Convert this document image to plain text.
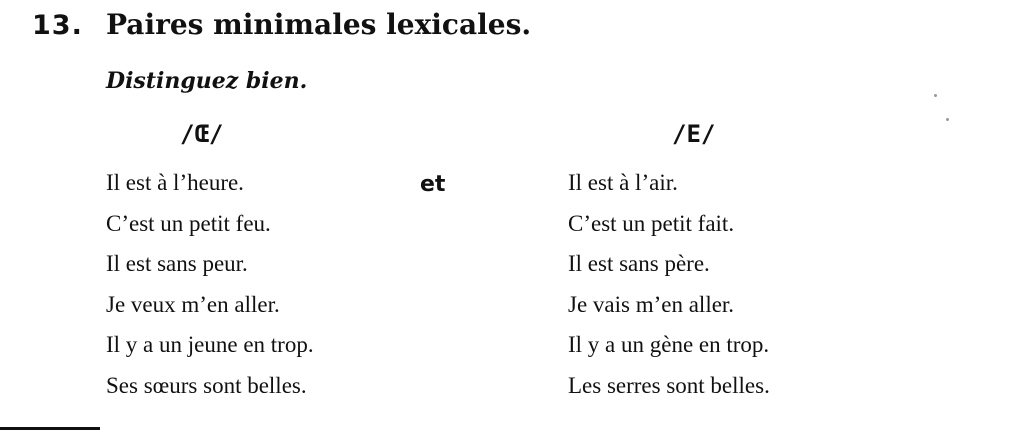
13. Paires minimales lexicales.
Distinguez bien.
/Œ/	/E/
et
Il est à l’heure.
C’est un petit feu.
Il est sans peur.
Je veux m’en aller.
Il y a un jeune en trop.
Ses sœurs sont belles.
Il est à l’air.
C’est un petit fait.
Il est sans père.
Je vais m’en aller.
Il y a un gène en trop.
Les serres sont belles.
